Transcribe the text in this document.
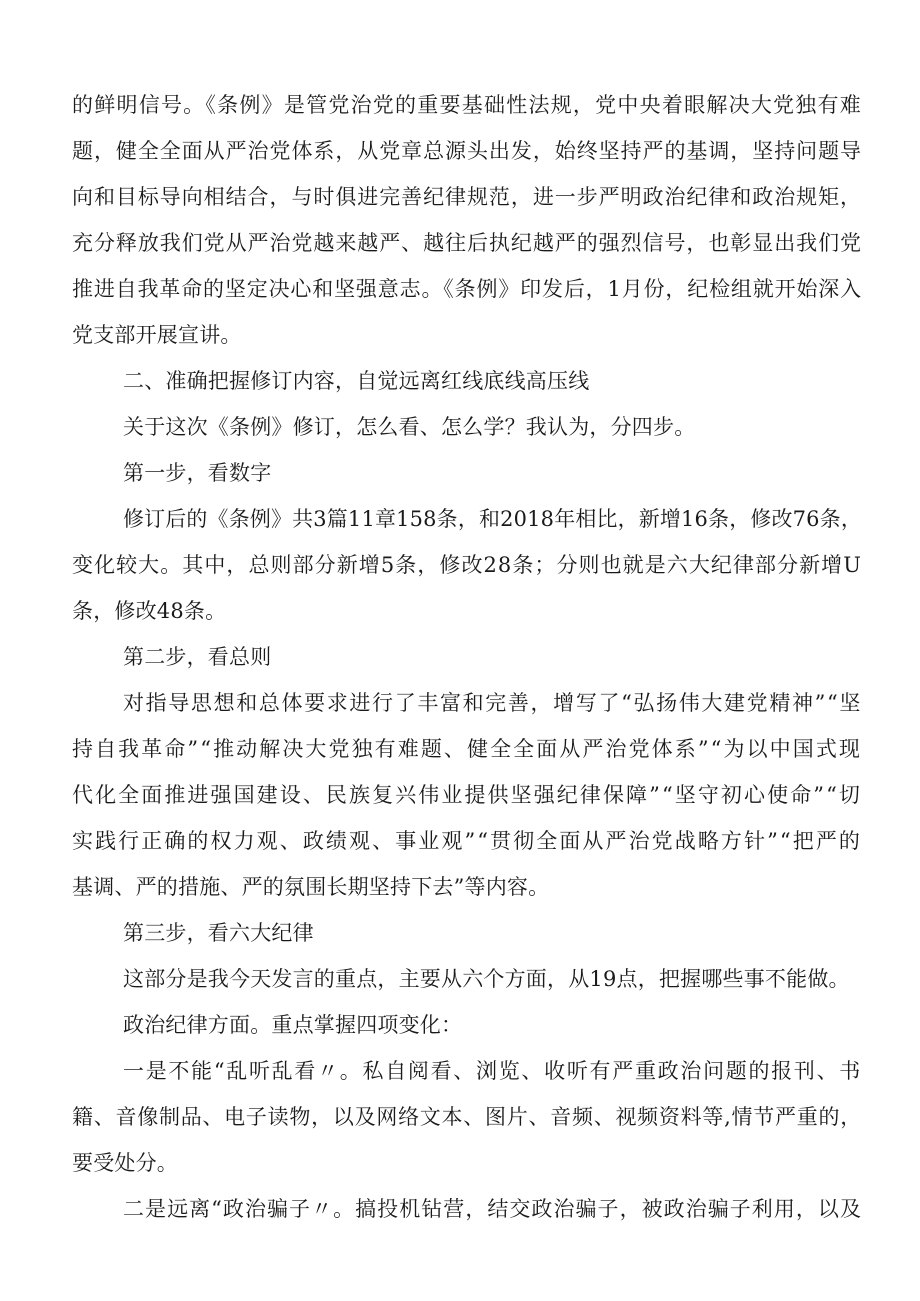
的鲜明信号。《条例》是管党治党的重要基础性法规，党中央着眼解决大党独有难
题，健全全面从严治党体系，从党章总源头出发，始终坚持严的基调，坚持问题导
向和目标导向相结合，与时俱进完善纪律规范，进一步严明政治纪律和政治规矩，
充分释放我们党从严治党越来越严、越往后执纪越严的强烈信号，也彰显出我们党
推进自我革命的坚定决心和坚强意志。《条例》印发后，1月份，纪检组就开始深入
党支部开展宣讲。
二、准确把握修订内容，自觉远离红线底线高压线
关于这次《条例》修订，怎么看、怎么学？我认为，分四步。
第一步，看数字
修订后的《条例》共3篇11章158条，和2018年相比，新增16条，修改76条，
变化较大。其中，总则部分新增5条，修改28条；分则也就是六大纪律部分新增U
条，修改48条。
第二步，看总则
对指导思想和总体要求进行了丰富和完善，增写了“弘扬伟大建党精神”“坚
持自我革命”“推动解决大党独有难题、健全全面从严治党体系”“为以中国式现
代化全面推进强国建设、民族复兴伟业提供坚强纪律保障”“坚守初心使命”“切
实践行正确的权力观、政绩观、事业观”“贯彻全面从严治党战略方针”“把严的
基调、严的措施、严的氛围长期坚持下去”等内容。
第三步，看六大纪律
这部分是我今天发言的重点，主要从六个方面，从19点，把握哪些事不能做。
政治纪律方面。重点掌握四项变化：
一是不能“乱听乱看〃。私自阅看、浏览、收听有严重政治问题的报刊、书
籍、音像制品、电子读物，以及网络文本、图片、音频、视频资料等,情节严重的，
要受处分。
二是远离“政治骗子〃。搞投机钻营，结交政治骗子，被政治骗子利用，以及
